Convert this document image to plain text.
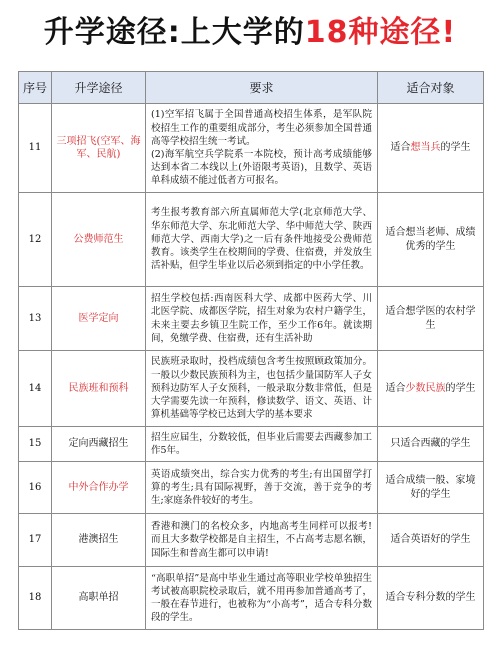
升学途径:上大学的 18种途径!
序号	升学途径	要求	适合对象
11	三项招飞(空军、海军、民航)	(1)空军招飞属于全国普通高校招生体系，是军队院校招生工作的重要组成部分，考生必须参加全国普通高等学校招生统一考试。
(2)海军航空兵学院系一本院校，预计高考成绩能够达到本省二本线以上(外语限考英语)，且数学、英语单科成绩不能过低者方可报名。	适合想当兵的学生
12	公费师范生	考生报考教育部六所直属师范大学(北京师范大学、华东师范大学、东北师范大学、华中师范大学、陕西师范大学、西南大学)之一后有条件地接受公费师范教育。该类学生在校期间的学费、住宿费，并发放生活补贴，但学生毕业以后必须到指定的中小学任教。	适合想当老师、成绩优秀的学生
13	医学定向	招生学校包括:西南医科大学、成都中医药大学、川北医学院、成都医学院，招生对象为农村户籍学生，未来主要去乡镇卫生院工作，至少工作6年。就读期间，免缴学费、住宿费，还有生活补助	适合想学医的农村学生
14	民族班和预科	民族班录取时，投档成绩包含考生按照顾政策加分。一般以少数民族预科为主，也包括少量国防军人子女预科边防军人子女预科，一般录取分数非常低，但是大学需要先读一年预科，修读数学、语文、英语、计算机基础等学校已达到大学的基本要求	适合少数民族的学生
15	定向西藏招生	招生应届生，分数较低，但毕业后需要去西藏参加工作5年。	只适合西藏的学生
16	中外合作办学	英语成绩突出，综合实力优秀的考生;有出国留学打算的考生;具有国际视野，善于交流，善于竞争的考生;家庭条件较好的考生。	适合成绩一般、家境好的学生
17	港澳招生	香港和澳门的名校众多，内地高考生同样可以报考!而且大多数学校都是自主招生，不占高考志愿名额，国际生和普高生都可以申请!	适合英语好的学生
18	高职单招	“高职单招”是高中毕业生通过高等职业学校单独招生考试被高职院校录取后，就不用再参加普通高考了，一般在春节进行，也被称为“小高考”，适合专科分数段的学生。	适合专科分数的学生
